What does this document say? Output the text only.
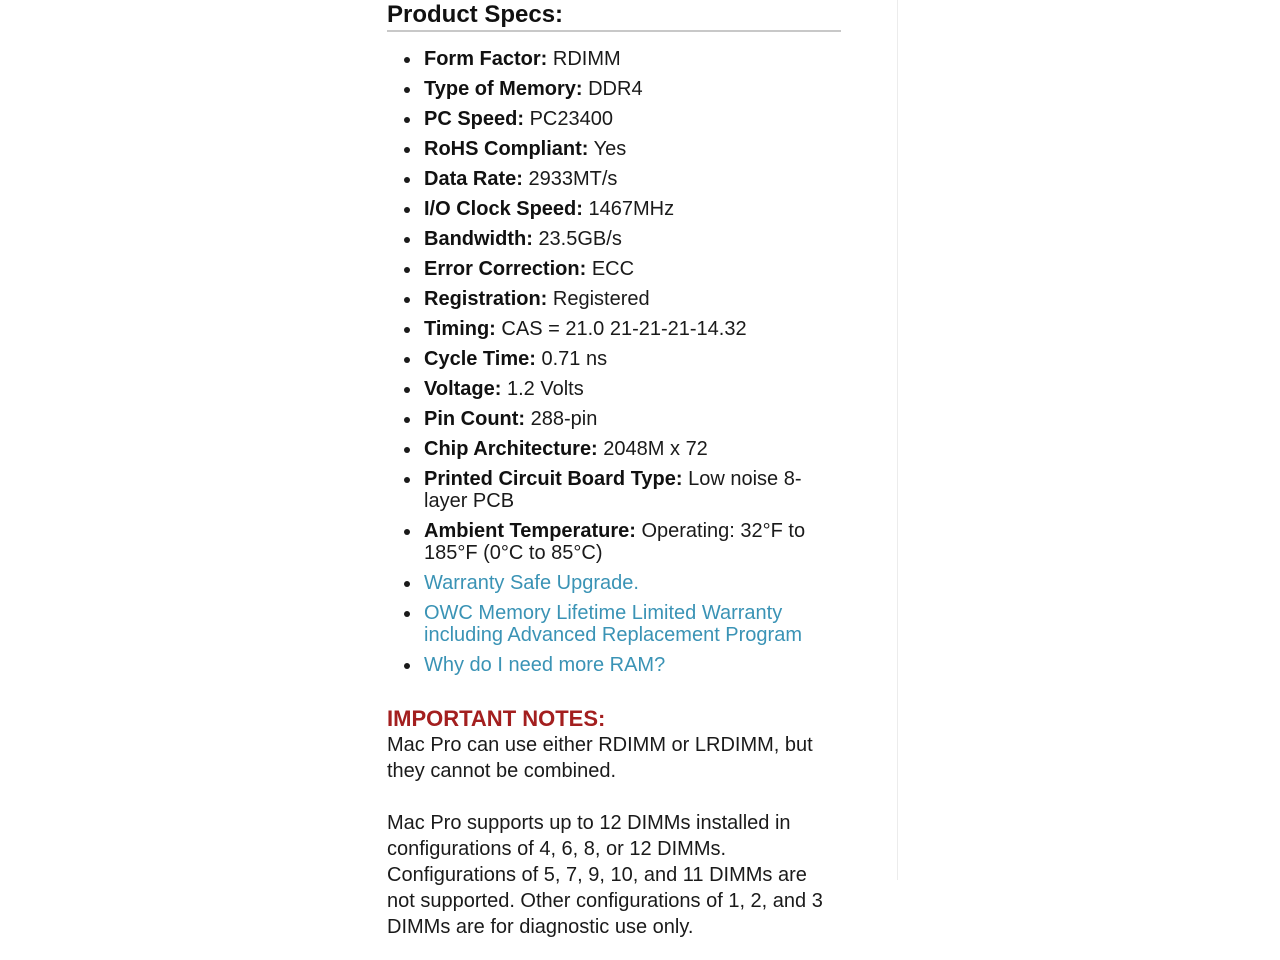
Product Specs:
Form Factor: RDIMM
Type of Memory: DDR4
PC Speed: PC23400
RoHS Compliant: Yes
Data Rate: 2933MT/s
I/O Clock Speed: 1467MHz
Bandwidth: 23.5GB/s
Error Correction: ECC
Registration: Registered
Timing: CAS = 21.0 21-21-21-14.32
Cycle Time: 0.71 ns
Voltage: 1.2 Volts
Pin Count: 288-pin
Chip Architecture: 2048M x 72
Printed Circuit Board Type: Low noise 8-layer PCB
Ambient Temperature: Operating: 32°F to 185°F (0°C to 85°C)
Warranty Safe Upgrade.
OWC Memory Lifetime Limited Warranty including Advanced Replacement Program
Why do I need more RAM?
IMPORTANT NOTES:

Mac Pro can use either RDIMM or LRDIMM, but they cannot be combined.

Mac Pro supports up to 12 DIMMs installed in configurations of 4, 6, 8, or 12 DIMMs. Configurations of 5, 7, 9, 10, and 11 DIMMs are not supported. Other configurations of 1, 2, and 3 DIMMs are for diagnostic use only.
